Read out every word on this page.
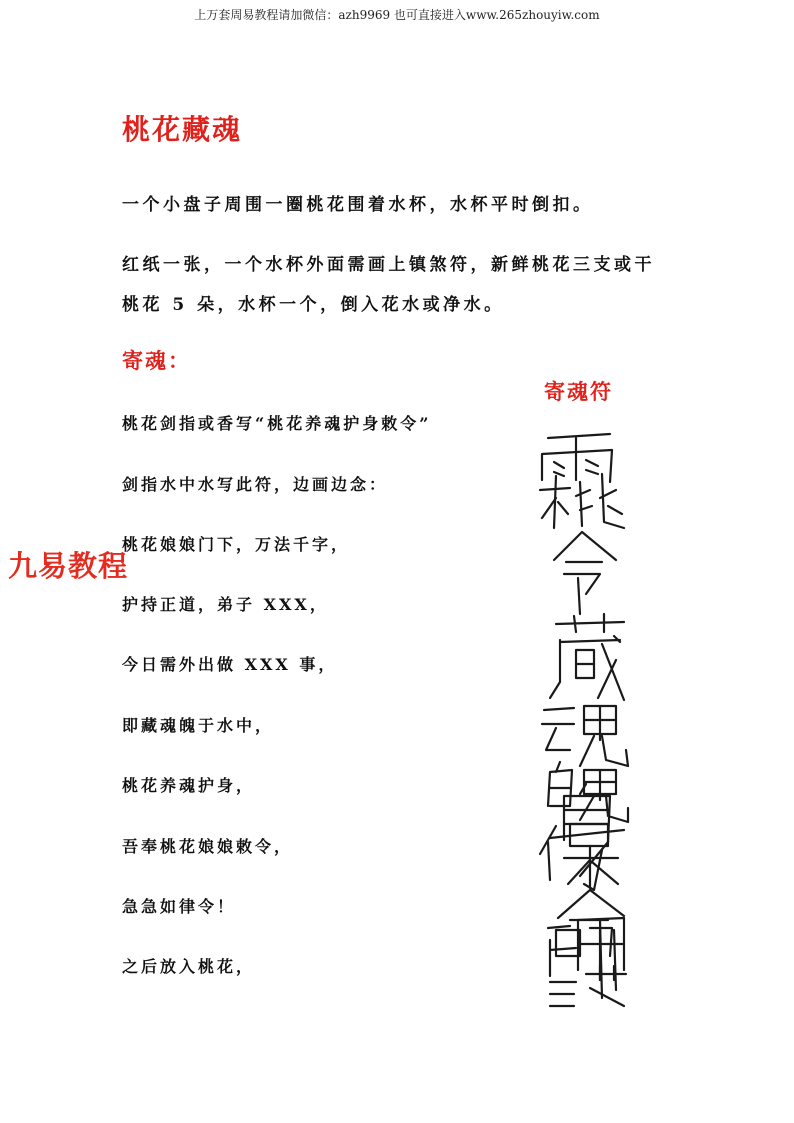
上万套周易教程请加微信：azh9969 也可直接进入www.265zhouyiw.com
桃花藏魂
一个小盘子周围一圈桃花围着水杯，水杯平时倒扣。
红纸一张，一个水杯外面需画上镇煞符，新鲜桃花三支或干
桃花 5 朵，水杯一个，倒入花水或净水。
寄魂：
桃花剑指或香写“桃花养魂护身敕令”
剑指水中水写此符，边画边念：
桃花娘娘门下，万法千字，
护持正道，弟子 XXX，
今日需外出做 XXX 事，
即藏魂魄于水中，
桃花养魂护身，
吾奉桃花娘娘敕令，
急急如律令！
之后放入桃花，
九易教程
寄魂符
